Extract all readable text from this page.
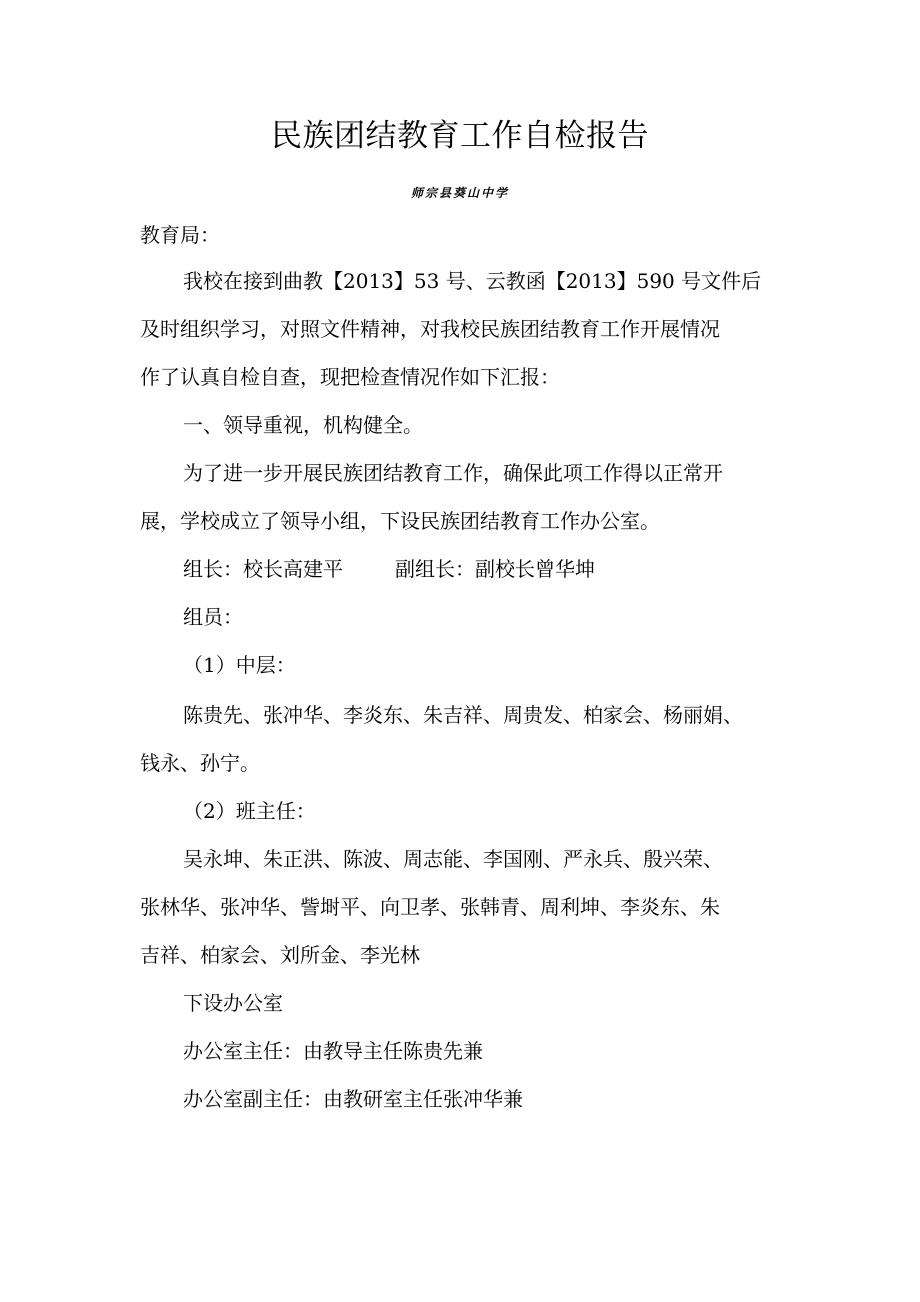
民族团结教育工作自检报告
师宗县葵山中学
教育局：
我校在接到曲教【2013】53 号、云教函【2013】590 号文件后
及时组织学习，对照文件精神，对我校民族团结教育工作开展情况
作了认真自检自查，现把检查情况作如下汇报：
一、领导重视，机构健全。
为了进一步开展民族团结教育工作，确保此项工作得以正常开
展，学校成立了领导小组，下设民族团结教育工作办公室。
组长：校长高建平	副组长：副校长曾华坤
组员：
（1）中层：
陈贵先、张冲华、李炎东、朱吉祥、周贵发、柏家会、杨丽娟、
钱永、孙宁。
（2）班主任：
吴永坤、朱正洪、陈波、周志能、李国刚、严永兵、殷兴荣、
张林华、张冲华、訾埘平、向卫孝、张韩青、周利坤、李炎东、朱
吉祥、柏家会、刘所金、李光林
下设办公室
办公室主任：由教导主任陈贵先兼
办公室副主任：由教研室主任张冲华兼
